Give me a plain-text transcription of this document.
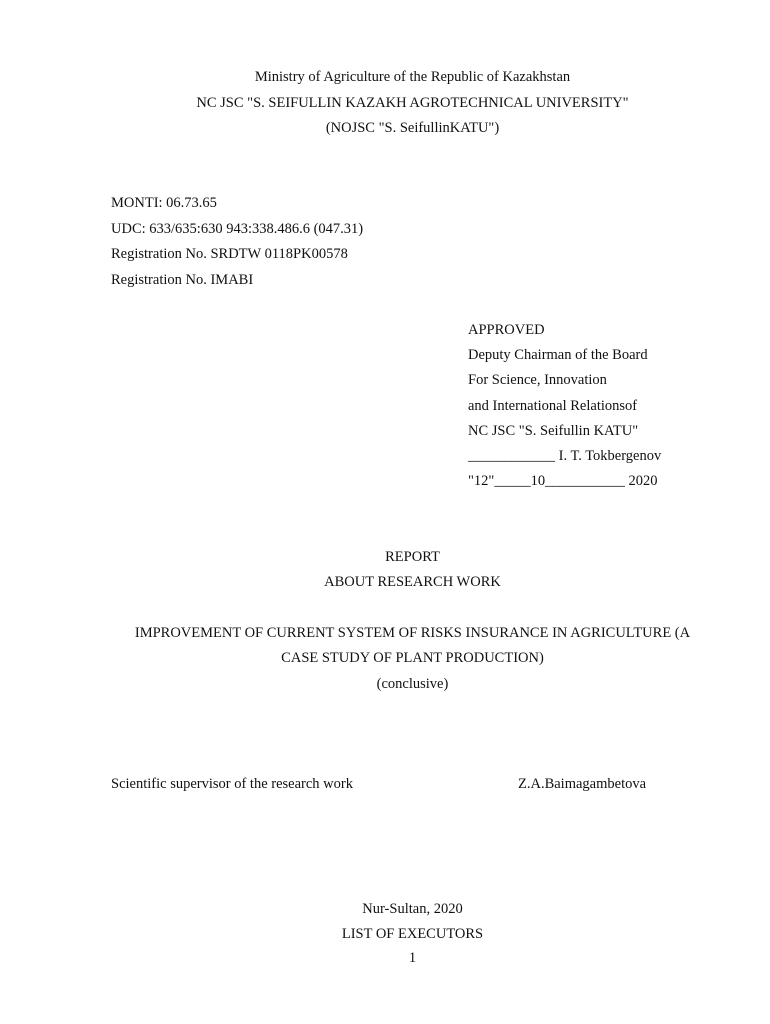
Ministry of Agriculture of the Republic of Kazakhstan
NC JSC "S. SEIFULLIN KAZAKH AGROTECHNICAL UNIVERSITY"
(NOJSC "S. SeifullinKATU")
MONTI: 06.73.65
UDC: 633/635:630 943:338.486.6 (047.31)
Registration No. SRDTW 0118PK00578
Registration No. IMABI
APPROVED
Deputy Chairman of the Board
For Science, Innovation
and International Relationsof
NC JSC "S. Seifullin KATU"
____________ I. T. Tokbergenov
"12"_____10___________ 2020
REPORT
ABOUT RESEARCH WORK
IMPROVEMENT OF CURRENT SYSTEM OF RISKS INSURANCE IN AGRICULTURE (A
CASE STUDY OF PLANT PRODUCTION)
(conclusive)
Scientific supervisor of the research work	Z.A.Baimagambetova
Nur-Sultan, 2020
LIST OF EXECUTORS
1
